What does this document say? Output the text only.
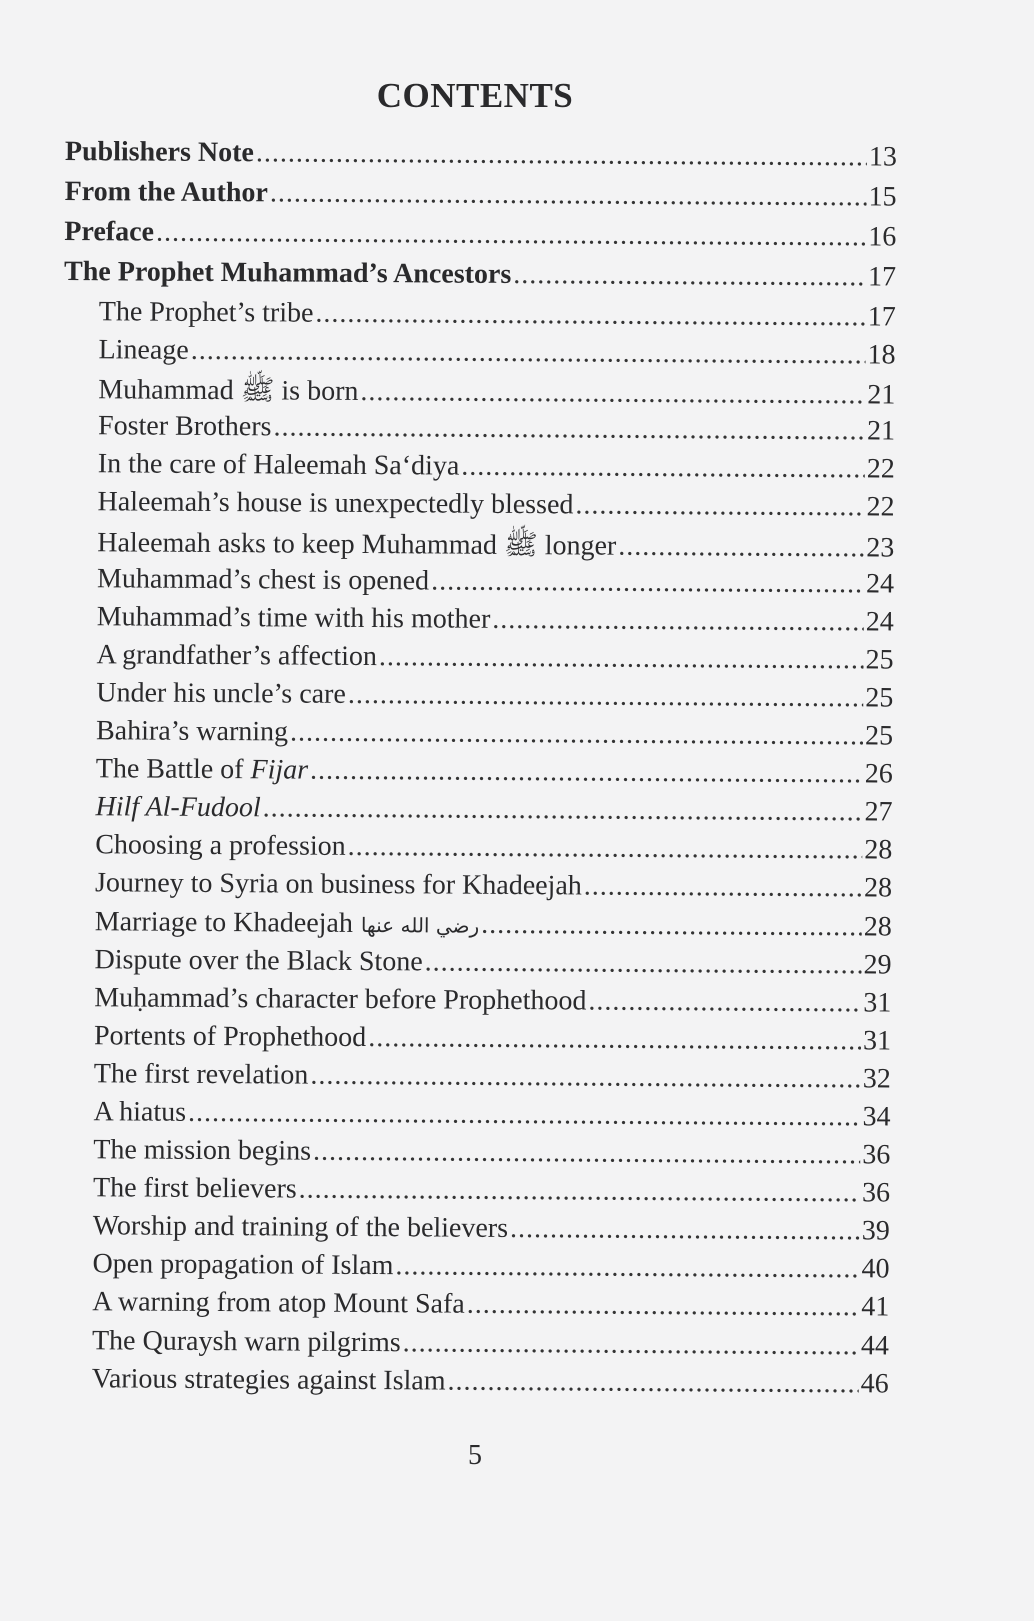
CONTENTS
Publishers Note .....	13
From the Author .....	15
Preface .....	16
The Prophet Muhammad’s Ancestors .....	17
The Prophet’s tribe .....	17
Lineage .....	18
Muhammad ﷺ is born .....	21
Foster Brothers .....	21
In the care of Haleemah Sa‘diya .....	22
Haleemah’s house is unexpectedly blessed .....	22
Haleemah asks to keep Muhammad ﷺ longer .....	23
Muhammad’s chest is opened .....	24
Muhammad’s time with his mother .....	24
A grandfather’s affection .....	25
Under his uncle’s care .....	25
Bahira’s warning .....	25
The Battle of Fijar .....	26
Hilf Al-Fudool .....	27
Choosing a profession .....	28
Journey to Syria on business for Khadeejah .....	28
Marriage to Khadeejah رضي الله عنها .....	28
Dispute over the Black Stone .....	29
Muḥammad’s character before Prophethood .....	31
Portents of Prophethood .....	31
The first revelation .....	32
A hiatus .....	34
The mission begins .....	36
The first believers .....	36
Worship and training of the believers .....	39
Open propagation of Islam .....	40
A warning from atop Mount Safa .....	41
The Quraysh warn pilgrims .....	44
Various strategies against Islam .....	46
5
